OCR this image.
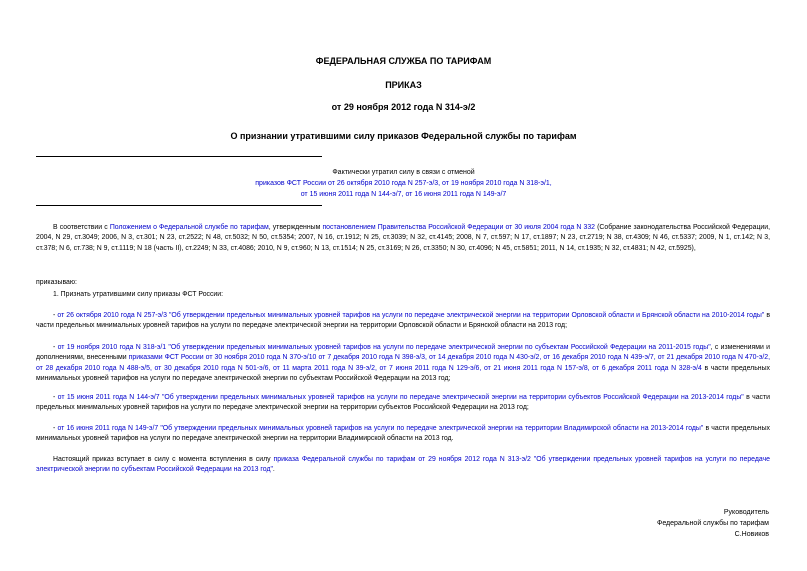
ФЕДЕРАЛЬНАЯ СЛУЖБА ПО ТАРИФАМ
ПРИКАЗ
от 29 ноября 2012 года N 314-э/2
О признании утратившими силу приказов Федеральной службы по тарифам
Фактически утратил силу в связи с отменой
приказов ФСТ России от 26 октября 2010 года N 257-э/3, от 19 ноября 2010 года N 318-э/1,
от 15 июня 2011 года N 144-э/7, от 16 июня 2011 года N 149-э/7
В соответствии с Положением о Федеральной службе по тарифам, утвержденным постановлением Правительства Российской Федерации от 30 июля 2004 года N 332 (Собрание законодательства Российской Федерации, 2004, N 29, ст.3049; 2006, N 3, ст.301; N 23, ст.2522; N 48, ст.5032; N 50, ст.5354; 2007, N 16, ст.1912; N 25, ст.3039; N 32, ст.4145; 2008, N 7, ст.597; N 17, ст.1897; N 23, ст.2719; N 38, ст.4309; N 46, ст.5337; 2009, N 1, ст.142; N 3, ст.378; N 6, ст.738; N 9, ст.1119; N 18 (часть II), ст.2249; N 33, ст.4086; 2010, N 9, ст.960; N 13, ст.1514; N 25, ст.3169; N 26, ст.3350; N 30, ст.4096; N 45, ст.5851; 2011, N 14, ст.1935; N 32, ст.4831; N 42, ст.5925),
приказываю:
1. Признать утратившими силу приказы ФСТ России:
- от 26 октября 2010 года N 257-э/3 "Об утверждении предельных минимальных уровней тарифов на услуги по передаче электрической энергии на территории Орловской области и Брянской области на 2010-2014 годы" в части предельных минимальных уровней тарифов на услуги по передаче электрической энергии на территории Орловской области и Брянской области на 2013 год;
- от 19 ноября 2010 года N 318-э/1 "Об утверждении предельных минимальных уровней тарифов на услуги по передаче электрической энергии по субъектам Российской Федерации на 2011-2015 годы", с изменениями и дополнениями, внесенными приказами ФСТ России от 30 ноября 2010 года N 370-э/10 от 7 декабря 2010 года N 398-э/3, от 14 декабря 2010 года N 430-э/2, от 16 декабря 2010 года N 439-э/7, от 21 декабря 2010 года N 470-э/2, от 28 декабря 2010 года N 488-э/5, от 30 декабря 2010 года N 501-э/6, от 11 марта 2011 года N 39-э/2, от 7 июня 2011 года N 129-э/6, от 21 июня 2011 года N 157-э/8, от 6 декабря 2011 года N 328-э/4 в части предельных минимальных уровней тарифов на услуги по передаче электрической энергии по субъектам Российской Федерации на 2013 год;
- от 15 июня 2011 года N 144-э/7 "Об утверждении предельных минимальных уровней тарифов на услуги по передаче электрической энергии на территории субъектов Российской Федерации на 2013-2014 годы" в части предельных минимальных уровней тарифов на услуги по передаче электрической энергии на территории субъектов Российской Федерации на 2013 год;
- от 16 июня 2011 года N 149-э/7 "Об утверждении предельных минимальных уровней тарифов на услуги по передаче электрической энергии на территории Владимирской области на 2013-2014 годы" в части предельных минимальных уровней тарифов на услуги по передаче электрической энергии на территории Владимирской области на 2013 год.
Настоящий приказ вступает в силу с момента вступления в силу приказа Федеральной службы по тарифам от 29 ноября 2012 года N 313-э/2 "Об утверждении предельных уровней тарифов на услуги по передаче электрической энергии по субъектам Российской Федерации на 2013 год".
Руководитель
Федеральной службы по тарифам
С.Новиков
